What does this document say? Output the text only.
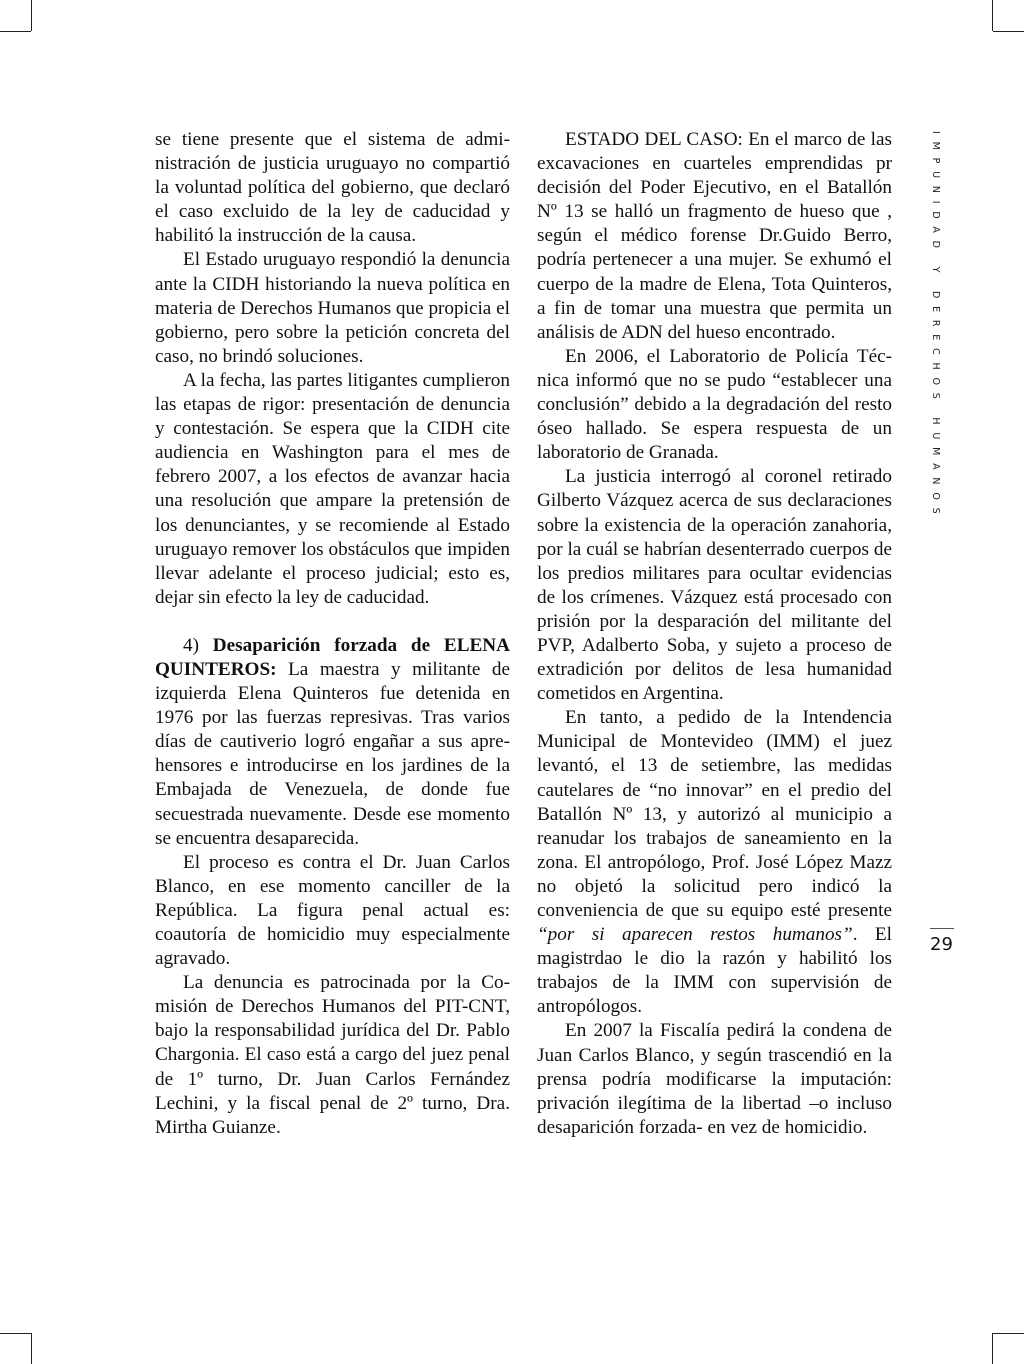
se tiene presente que el sistema de administración de justicia uruguayo no compartió la voluntad política del gobierno, que declaró el caso excluido de la ley de caducidad y habilitó la instrucción de la causa.

El Estado uruguayo respondió la denuncia ante la CIDH historiando la nueva política en materia de Derechos Humanos que propicia el gobierno, pero sobre la petición concreta del caso, no brindó soluciones.

A la fecha, las partes litigantes cumplieron las etapas de rigor: presentación de denuncia y contestación. Se espera que la CIDH cite audiencia en Washington para el mes de febrero 2007, a los efectos de avanzar hacia una resolución que ampare la pretensión de los denunciantes, y se recomiende al Estado uruguayo remover los obstáculos que impiden llevar adelante el proceso judicial; esto es, dejar sin efecto la ley de caducidad.

4) Desaparición forzada de ELENA QUINTEROS: La maestra y militante de izquierda Elena Quinteros fue detenida en 1976 por las fuerzas represivas. Tras varios días de cautiverio logró engañar a sus aprehensores e introducirse en los jardines de la Embajada de Venezuela, de donde fue secuestrada nuevamente. Desde ese momento se encuentra desaparecida.

El proceso es contra el Dr. Juan Carlos Blanco, en ese momento canciller de la República. La figura penal actual es: coautoría de homicidio muy especialmente agravado.

La denuncia es patrocinada por la Comisión de Derechos Humanos del PIT-CNT, bajo la responsabilidad jurídica del Dr. Pablo Chargonia. El caso está a cargo del juez penal de 1º turno, Dr. Juan Carlos Fernández Lechini, y la fiscal penal de 2º turno, Dra. Mirtha Guianze.

ESTADO DEL CASO: En el marco de las excavaciones en cuarteles emprendidas pr decisión del Poder Ejecutivo, en el Batallón Nº 13 se halló un fragmento de hueso que , según el médico forense Dr.Guido Berro, podría pertenecer a una mujer. Se exhumó el cuerpo de la madre de Elena, Tota Quinteros, a fin de tomar una muestra que permita un análisis de ADN del hueso encontrado.

En 2006, el Laboratorio de Policía Técnica informó que no se pudo “establecer una conclusión” debido a la degradación del resto óseo hallado. Se espera respuesta de un laboratorio de Granada.

La justicia interrogó al coronel retirado Gilberto Vázquez acerca de sus declaraciones sobre la existencia de la operación zanahoria, por la cuál se habrían desenterrado cuerpos de los predios militares para ocultar evidencias de los crímenes. Vázquez está procesado con prisión por la desparación del militante del PVP, Adalberto Soba, y sujeto a proceso de extradición por delitos de lesa humanidad cometidos en Argentina.

En tanto, a pedido de la Intendencia Municipal de Montevideo (IMM) el juez levantó, el 13 de setiembre, las medidas cautelares de “no innovar” en el predio del Batallón Nº 13, y autorizó al municipio a reanudar los trabajos de saneamiento en la zona. El antropólogo, Prof. José López Mazz no objetó la solicitud pero indicó la conveniencia de que su equipo esté presente “por si aparecen restos humanos”. El magistrdao le dio la razón y habilitó los trabajos de la IMM con supervisión de antropólogos.

En 2007 la Fiscalía pedirá la condena de Juan Carlos Blanco, y según trascendió en la prensa podría modificarse la imputación: privación ilegítima de la libertad –o incluso desaparición forzada- en vez de homicidio.

IMPUNIDAD Y DERECHOS HUMANOS
29
